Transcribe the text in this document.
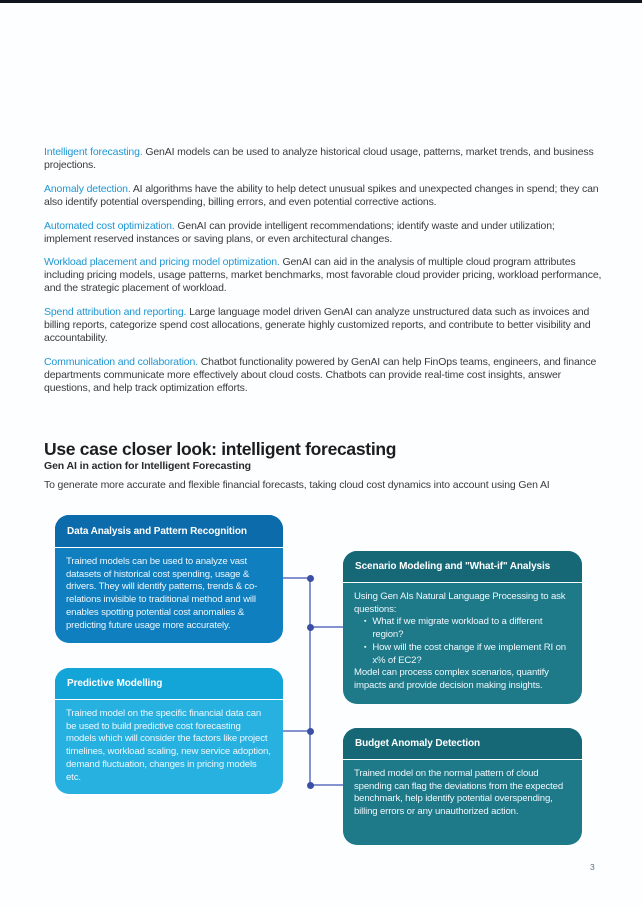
Intelligent forecasting. GenAI models can be used to analyze historical cloud usage, patterns, market trends, and business projections.

Anomaly detection. AI algorithms have the ability to help detect unusual spikes and unexpected changes in spend; they can also identify potential overspending, billing errors, and even potential corrective actions.

Automated cost optimization. GenAI can provide intelligent recommendations; identify waste and under utilization; implement reserved instances or saving plans, or even architectural changes.

Workload placement and pricing model optimization. GenAI can aid in the analysis of multiple cloud program attributes including pricing models, usage patterns, market benchmarks, most favorable cloud provider pricing, workload performance, and the strategic placement of workload.

Spend attribution and reporting. Large language model driven GenAI can analyze unstructured data such as invoices and billing reports, categorize spend cost allocations, generate highly customized reports, and contribute to better visibility and accountability.

Communication and collaboration. Chatbot functionality powered by GenAI can help FinOps teams, engineers, and finance departments communicate more effectively about cloud costs. Chatbots can provide real-time cost insights, answer questions, and help track optimization efforts.

Use case closer look: intelligent forecasting
Gen AI in action for Intelligent Forecasting
To generate more accurate and flexible financial forecasts, taking cloud cost dynamics into account using Gen AI
Data Analysis and Pattern Recognition
Trained models can be used to analyze vast datasets of historical cost spending, usage & drivers. They will identify patterns, trends & co-relations invisible to traditional method and will enables spotting potential cost anomalies & predicting future usage more accurately.
Predictive Modelling
Trained model on the specific financial data can be used to build predictive cost forecasting models which will consider the factors like project timelines, workload scaling, new service adoption, demand fluctuation, changes in pricing models etc.
Scenario Modeling and "What-if" Analysis

Using Gen AIs Natural Language Processing to ask questions:

▪ What if we migrate workload to a different region?
▪ How will the cost change if we implement RI on x% of EC2?

Model can process complex scenarios, quantify impacts and provide decision making insights.

Budget Anomaly Detection
Trained model on the normal pattern of cloud spending can flag the deviations from the expected benchmark, help identify potential overspending, billing errors or any unauthorized action.
3
